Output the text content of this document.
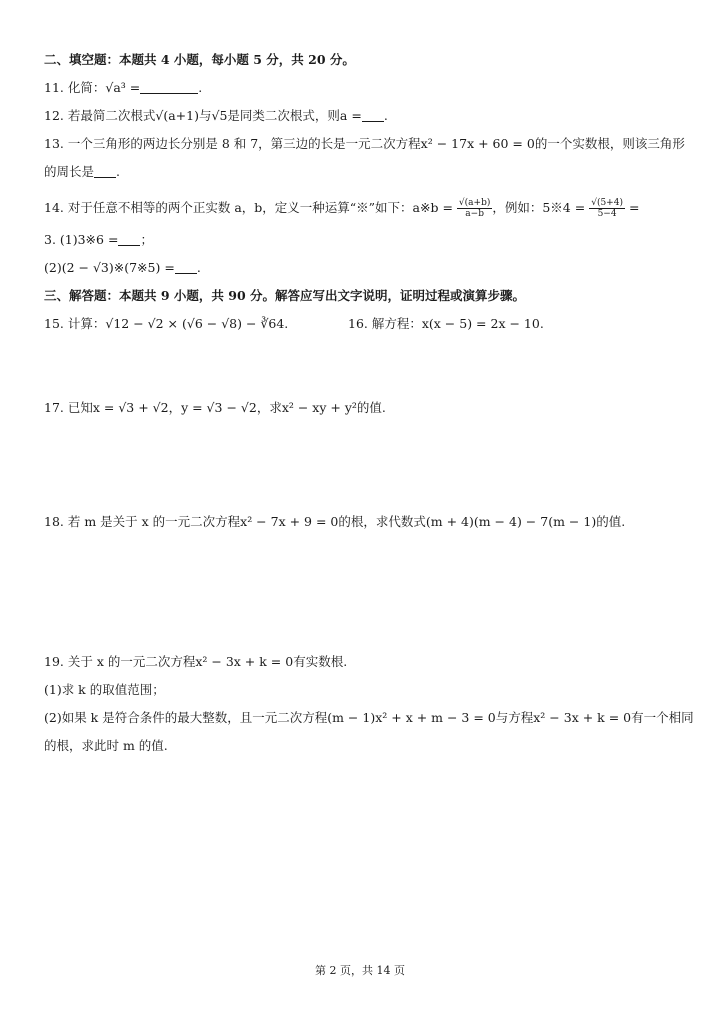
二、填空题：本题共 4 小题，每小题 5 分，共 20 分。
11. 化简：√a³ =	.
12. 若最简二次根式√(a+1)与√5是同类二次根式，则a = .
13. 一个三角形的两边长分别是 8 和 7，第三边的长是一元二次方程x² − 17x + 60 = 0的一个实数根，则该三角形
的周长是 .
14. 对于任意不相等的两个正实数 a，b，定义一种运算“※”如下：a※b = $\frac{√(a+b)}{a-b}$ ，例如：5※4 = $\frac{√(5+4)}{5-4}$ =
3. (1)3※6 = ；
(2)(2 − √3)※(7※5) = .
三、解答题：本题共 9 小题，共 90 分。解答应写出文字说明，证明过程或演算步骤。
15. 计算：√12 − √2 × (√6 − √8) − ∛64.	16. 解方程：x(x − 5) = 2x − 10.
17. 已知x = √3 + √2，y = √3 − √2，求x² − xy + y²的值.
18. 若 m 是关于 x 的一元二次方程x² − 7x + 9 = 0的根，求代数式(m + 4)(m − 4) − 7(m − 1)的值.
19. 关于 x 的一元二次方程x² − 3x + k = 0有实数根.
(1)求 k 的取值范围；
(2)如果 k 是符合条件的最大整数，且一元二次方程(m − 1)x² + x + m − 3 = 0与方程x² − 3x + k = 0有一个相同
的根，求此时 m 的值.
第 2 页，共 14 页
